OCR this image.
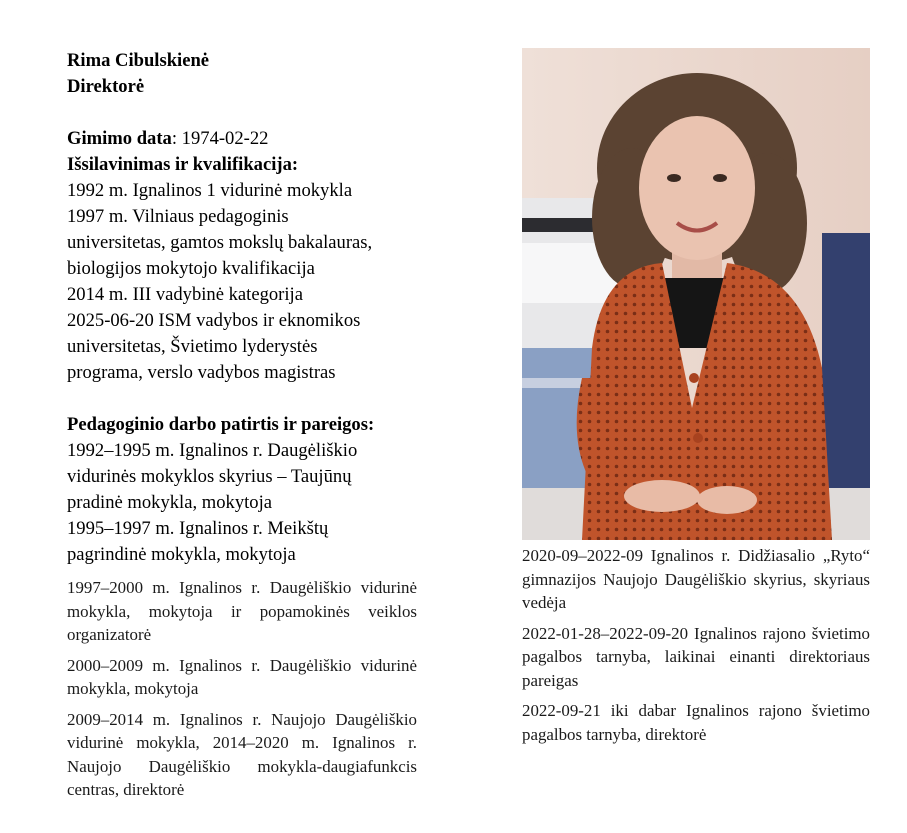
Rima Cibulskienė
Direktorė
Gimimo data: 1974-02-22
Išsilavinimas ir kvalifikacija:
1992 m. Ignalinos 1 vidurinė mokykla
1997 m. Vilniaus pedagoginis
universitetas, gamtos mokslų bakalauras,
biologijos mokytojo kvalifikacija
2014 m. III vadybinė kategorija
2025-06-20 ISM vadybos ir eknomikos
universitetas, Švietimo lyderystės
programa, verslo vadybos magistras
Pedagoginio darbo patirtis ir pareigos:
1992–1995 m. Ignalinos r. Daugėliškio
vidurinės mokyklos skyrius – Taujūnų
pradinė mokykla, mokytoja
1995–1997 m. Ignalinos r. Meikštų
pagrindinė mokykla, mokytoja

1997–2000 m. Ignalinos r. Daugėliškio vidurinė mokykla, mokytoja ir popamokinės veiklos organizatorė

2000–2009 m. Ignalinos r. Daugėliškio vidurinė mokykla, mokytoja

2009–2014 m. Ignalinos r. Naujojo Daugėliškio vidurinė mokykla, 2014–2020 m. Ignalinos r. Naujojo Daugėliškio mokykla-daugiafunkcis centras, direktorė

2020-09–2022-09 Ignalinos r. Didžiasalio „Ryto“ gimnazijos Naujojo Daugėliškio skyrius, skyriaus vedėja

2022-01-28–2022-09-20 Ignalinos rajono švietimo pagalbos tarnyba, laikinai einanti direktoriaus pareigas

2022-09-21 iki dabar Ignalinos rajono švietimo pagalbos tarnyba, direktorė
